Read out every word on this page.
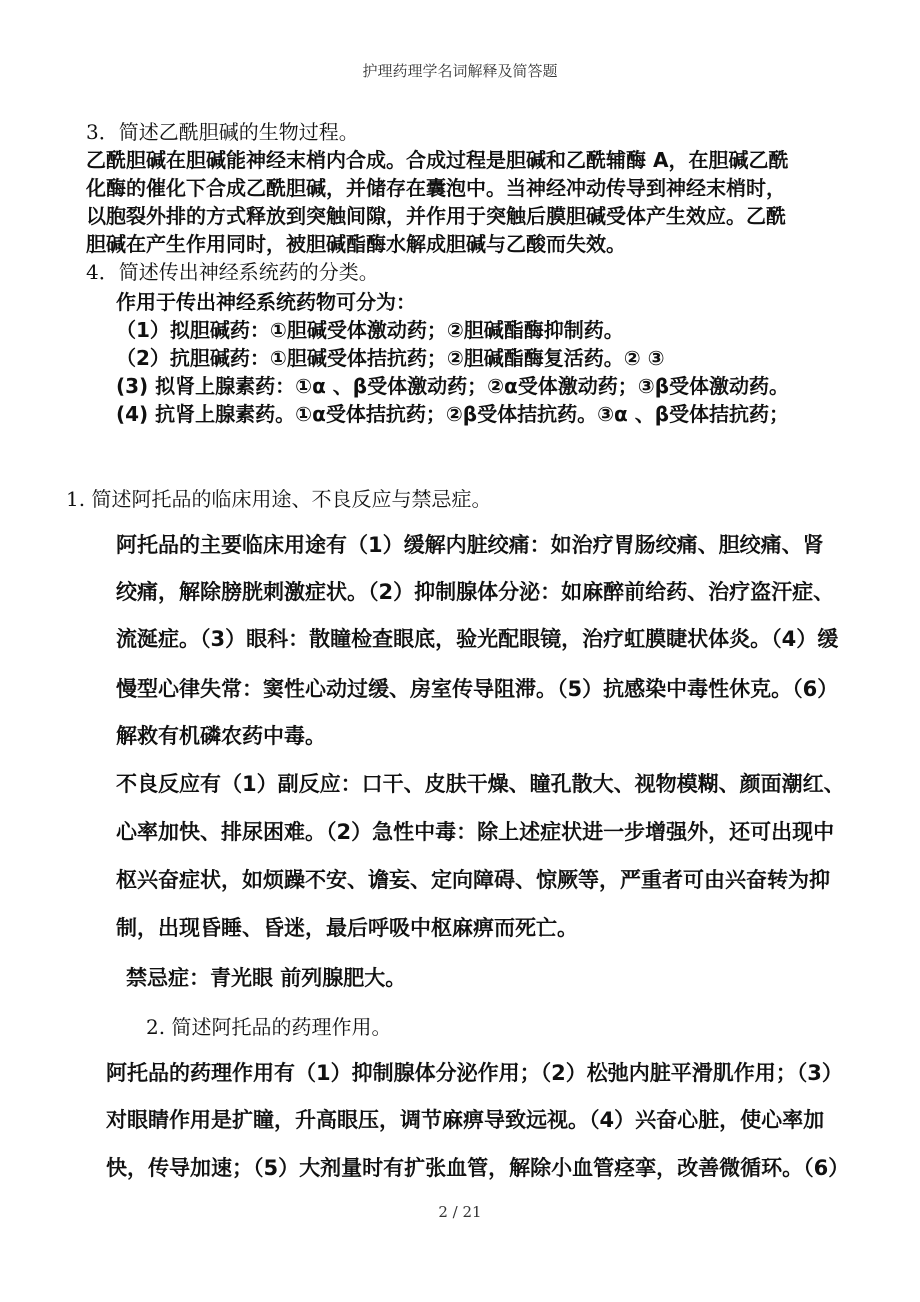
护理药理学名词解释及简答题
3．简述乙酰胆碱的生物过程。
乙酰胆碱在胆碱能神经末梢内合成。合成过程是胆碱和乙酰辅酶 A，在胆碱乙酰
化酶的催化下合成乙酰胆碱，并储存在囊泡中。当神经冲动传导到神经末梢时，
以胞裂外排的方式释放到突触间隙，并作用于突触后膜胆碱受体产生效应。乙酰
胆碱在产生作用同时，被胆碱酯酶水解成胆碱与乙酸而失效。
4．简述传出神经系统药的分类。
作用于传出神经系统药物可分为：
（1）拟胆碱药：①胆碱受体激动药；②胆碱酯酶抑制药。
（2）抗胆碱药：①胆碱受体拮抗药；②胆碱酯酶复活药。② ③
(3) 拟肾上腺素药：①α 、β受体激动药；②α受体激动药；③β受体激动药。
(4) 抗肾上腺素药。①α受体拮抗药；②β受体拮抗药。③α 、β受体拮抗药；
1. 简述阿托品的临床用途、不良反应与禁忌症。
阿托品的主要临床用途有（1）缓解内脏绞痛：如治疗胃肠绞痛、胆绞痛、肾
绞痛，解除膀胱刺激症状。（2）抑制腺体分泌：如麻醉前给药、治疗盗汗症、
流涎症。（3）眼科：散瞳检查眼底，验光配眼镜，治疗虹膜睫状体炎。（4）缓
慢型心律失常：窦性心动过缓、房室传导阻滞。（5）抗感染中毒性休克。（6）
解救有机磷农药中毒。
不良反应有（1）副反应：口干、皮肤干燥、瞳孔散大、视物模糊、颜面潮红、
心率加快、排尿困难。（2）急性中毒：除上述症状进一步增强外，还可出现中
枢兴奋症状，如烦躁不安、谵妄、定向障碍、惊厥等，严重者可由兴奋转为抑
制，出现昏睡、昏迷，最后呼吸中枢麻痹而死亡。
禁忌症：青光眼 前列腺肥大。
2. 简述阿托品的药理作用。
阿托品的药理作用有（1）抑制腺体分泌作用；（2）松弛内脏平滑肌作用；（3）
对眼睛作用是扩瞳，升高眼压，调节麻痹导致远视。（4）兴奋心脏，使心率加
快，传导加速；（5）大剂量时有扩张血管，解除小血管痉挛，改善微循环。（6）
2 / 21
